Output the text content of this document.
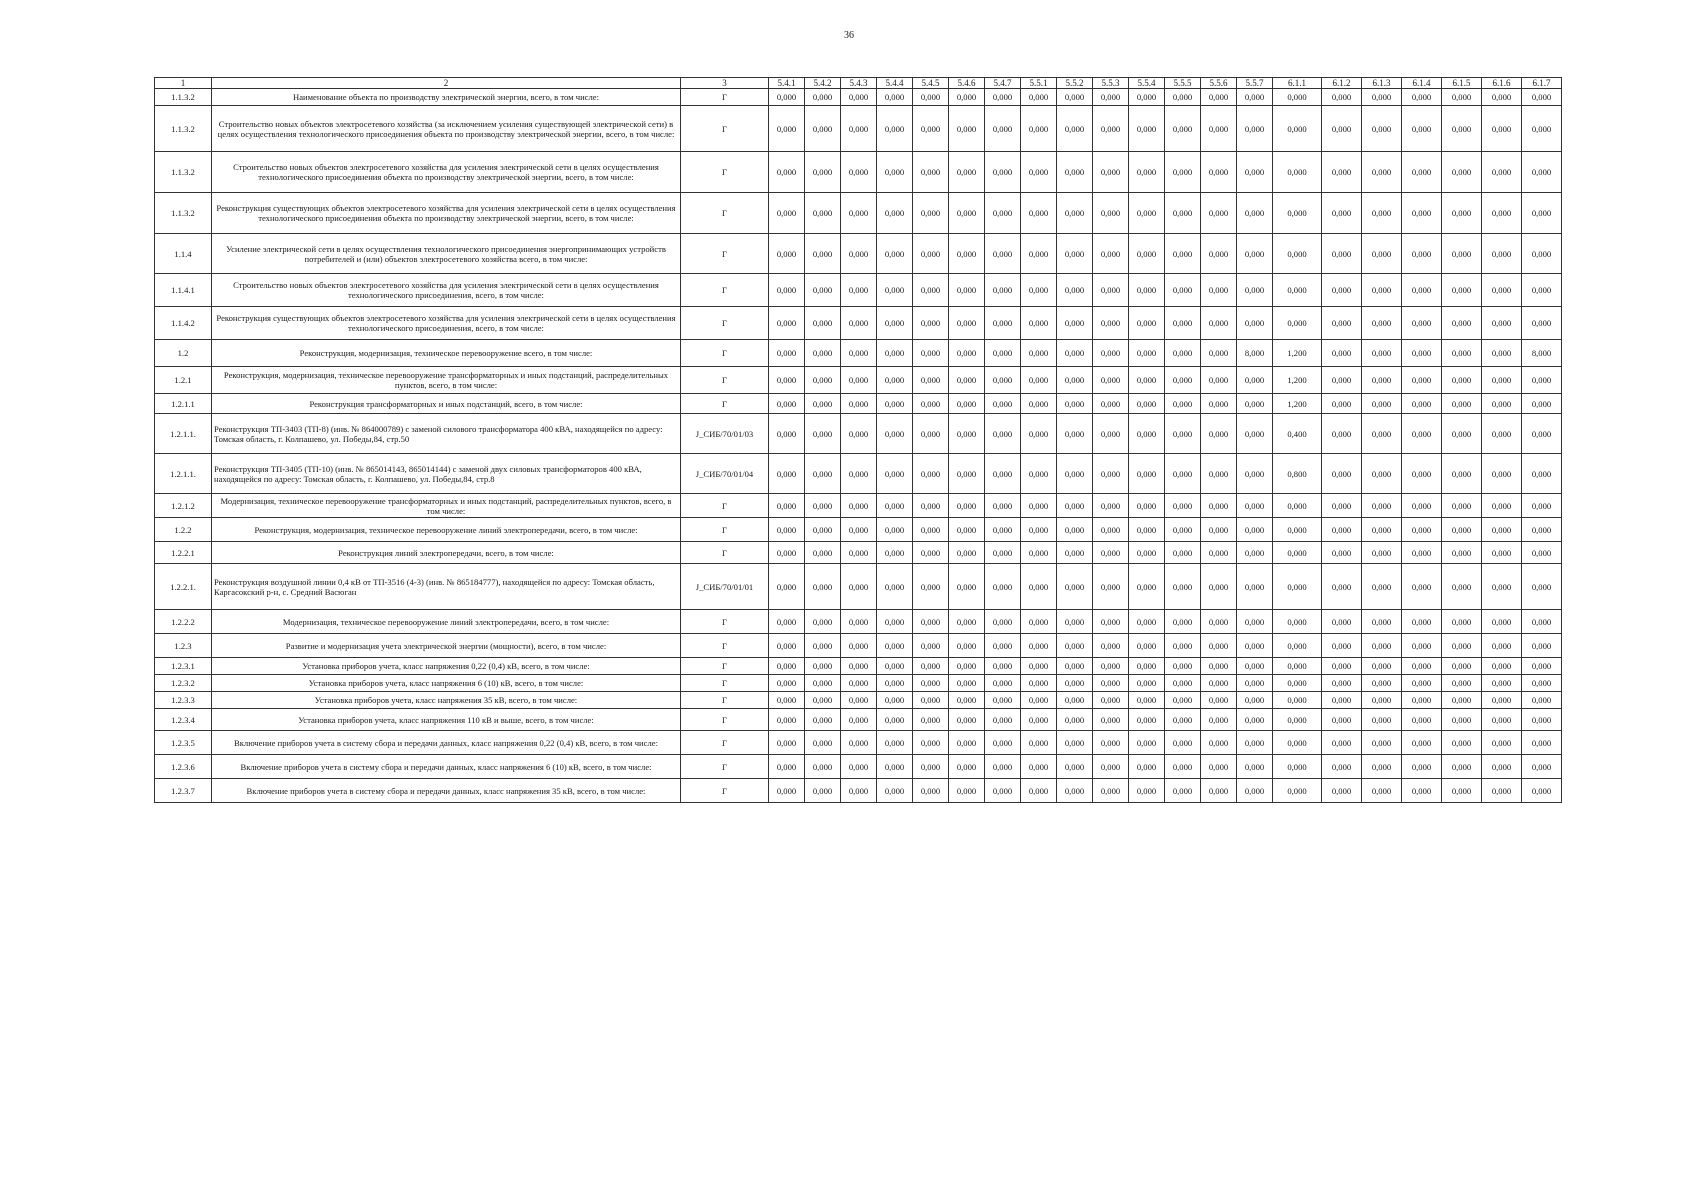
36
1	2	3	5.4.1	5.4.2	5.4.3	5.4.4	5.4.5	5.4.6	5.4.7	5.5.1	5.5.2	5.5.3	5.5.4	5.5.5	5.5.6	5.5.7	6.1.1	6.1.2	6.1.3	6.1.4	6.1.5	6.1.6	6.1.7
1.1.3.2	Наименование объекта по производству электрической энергии, всего, в том числе:	Г	0,000	0,000	0,000	0,000	0,000	0,000	0,000	0,000	0,000	0,000	0,000	0,000	0,000	0,000	0,000	0,000	0,000	0,000	0,000	0,000	0,000
1.1.3.2	Строительство новых объектов электросетевого хозяйства (за исключением усиления существующей электрической сети) в целях осуществления технологического присоединения объекта по производству электрической энергии, всего, в том числе:	Г	0,000	0,000	0,000	0,000	0,000	0,000	0,000	0,000	0,000	0,000	0,000	0,000	0,000	0,000	0,000	0,000	0,000	0,000	0,000	0,000	0,000
1.1.3.2	Строительство новых объектов электросетевого хозяйства для усиления электрической сети в целях осуществления технологического присоединения объекта по производству электрической энергии, всего, в том числе:	Г	0,000	0,000	0,000	0,000	0,000	0,000	0,000	0,000	0,000	0,000	0,000	0,000	0,000	0,000	0,000	0,000	0,000	0,000	0,000	0,000	0,000
1.1.3.2	Реконструкция существующих объектов электросетевого хозяйства для усиления электрической сети в целях осуществления технологического присоединения объекта по производству электрической энергии, всего, в том числе:	Г	0,000	0,000	0,000	0,000	0,000	0,000	0,000	0,000	0,000	0,000	0,000	0,000	0,000	0,000	0,000	0,000	0,000	0,000	0,000	0,000	0,000
1.1.4	Усиление электрической сети в целях осуществления технологического присоединения энергопринимающих устройств потребителей и (или) объектов электросетевого хозяйства всего, в том числе:	Г	0,000	0,000	0,000	0,000	0,000	0,000	0,000	0,000	0,000	0,000	0,000	0,000	0,000	0,000	0,000	0,000	0,000	0,000	0,000	0,000	0,000
1.1.4.1	Строительство новых объектов электросетевого хозяйства для усиления электрической сети в целях осуществления технологического присоединения, всего, в том числе:	Г	0,000	0,000	0,000	0,000	0,000	0,000	0,000	0,000	0,000	0,000	0,000	0,000	0,000	0,000	0,000	0,000	0,000	0,000	0,000	0,000	0,000
1.1.4.2	Реконструкция существующих объектов электросетевого хозяйства для усиления электрической сети в целях осуществления технологического присоединения, всего, в том числе:	Г	0,000	0,000	0,000	0,000	0,000	0,000	0,000	0,000	0,000	0,000	0,000	0,000	0,000	0,000	0,000	0,000	0,000	0,000	0,000	0,000	0,000
1.2	Реконструкция, модернизация, техническое перевооружение всего, в том числе:	Г	0,000	0,000	0,000	0,000	0,000	0,000	0,000	0,000	0,000	0,000	0,000	0,000	0,000	8,000	1,200	0,000	0,000	0,000	0,000	0,000	8,000
1.2.1	Реконструкция, модернизация, техническое перевооружение трансформаторных и иных подстанций, распределительных пунктов, всего, в том числе:	Г	0,000	0,000	0,000	0,000	0,000	0,000	0,000	0,000	0,000	0,000	0,000	0,000	0,000	0,000	1,200	0,000	0,000	0,000	0,000	0,000	0,000
1.2.1.1	Реконструкция трансформаторных и иных подстанций, всего, в том числе:	Г	0,000	0,000	0,000	0,000	0,000	0,000	0,000	0,000	0,000	0,000	0,000	0,000	0,000	0,000	1,200	0,000	0,000	0,000	0,000	0,000	0,000
1.2.1.1.	Реконструкция ТП-3403 (ТП-8) (инв. № 864000789) с заменой силового трансформатора 400 кВА, находящейся по адресу: Томская область, г. Колпашево, ул. Победы,84, стр.50	J_СИБ/70/01/03	0,000	0,000	0,000	0,000	0,000	0,000	0,000	0,000	0,000	0,000	0,000	0,000	0,000	0,000	0,400	0,000	0,000	0,000	0,000	0,000	0,000
1.2.1.1.	Реконструкция ТП-3405 (ТП-10) (инв. № 865014143, 865014144) с заменой двух силовых трансформаторов 400 кВА, находящейся по адресу: Томская область, г. Колпашево, ул. Победы,84, стр.8	J_СИБ/70/01/04	0,000	0,000	0,000	0,000	0,000	0,000	0,000	0,000	0,000	0,000	0,000	0,000	0,000	0,000	0,800	0,000	0,000	0,000	0,000	0,000	0,000
1.2.1.2	Модернизация, техническое перевооружение трансформаторных и иных подстанций, распределительных пунктов, всего, в том числе:	Г	0,000	0,000	0,000	0,000	0,000	0,000	0,000	0,000	0,000	0,000	0,000	0,000	0,000	0,000	0,000	0,000	0,000	0,000	0,000	0,000	0,000
1.2.2	Реконструкция, модернизация, техническое перевооружение линий электропередачи, всего, в том числе:	Г	0,000	0,000	0,000	0,000	0,000	0,000	0,000	0,000	0,000	0,000	0,000	0,000	0,000	0,000	0,000	0,000	0,000	0,000	0,000	0,000	0,000
1.2.2.1	Реконструкция линий электропередачи, всего, в том числе:	Г	0,000	0,000	0,000	0,000	0,000	0,000	0,000	0,000	0,000	0,000	0,000	0,000	0,000	0,000	0,000	0,000	0,000	0,000	0,000	0,000	0,000
1.2.2.1.	Реконструкция воздушной линии 0,4 кВ от ТП-3516 (4-3) (инв. № 865184777), находящейся по адресу: Томская область, Каргасокский р-н, с. Средний Васюган	J_СИБ/70/01/01	0,000	0,000	0,000	0,000	0,000	0,000	0,000	0,000	0,000	0,000	0,000	0,000	0,000	0,000	0,000	0,000	0,000	0,000	0,000	0,000	0,000
1.2.2.2	Модернизация, техническое перевооружение линий электропередачи, всего, в том числе:	Г	0,000	0,000	0,000	0,000	0,000	0,000	0,000	0,000	0,000	0,000	0,000	0,000	0,000	0,000	0,000	0,000	0,000	0,000	0,000	0,000	0,000
1.2.3	Развитие и модернизация учета электрической энергии (мощности), всего, в том числе:	Г	0,000	0,000	0,000	0,000	0,000	0,000	0,000	0,000	0,000	0,000	0,000	0,000	0,000	0,000	0,000	0,000	0,000	0,000	0,000	0,000	0,000
1.2.3.1	Установка приборов учета, класс напряжения 0,22 (0,4) кВ, всего, в том числе:	Г	0,000	0,000	0,000	0,000	0,000	0,000	0,000	0,000	0,000	0,000	0,000	0,000	0,000	0,000	0,000	0,000	0,000	0,000	0,000	0,000	0,000
1.2.3.2	Установка приборов учета, класс напряжения 6 (10) кВ, всего, в том числе:	Г	0,000	0,000	0,000	0,000	0,000	0,000	0,000	0,000	0,000	0,000	0,000	0,000	0,000	0,000	0,000	0,000	0,000	0,000	0,000	0,000	0,000
1.2.3.3	Установка приборов учета, класс напряжения 35 кВ, всего, в том числе:	Г	0,000	0,000	0,000	0,000	0,000	0,000	0,000	0,000	0,000	0,000	0,000	0,000	0,000	0,000	0,000	0,000	0,000	0,000	0,000	0,000	0,000
1.2.3.4	Установка приборов учета, класс напряжения 110 кВ и выше, всего, в том числе:	Г	0,000	0,000	0,000	0,000	0,000	0,000	0,000	0,000	0,000	0,000	0,000	0,000	0,000	0,000	0,000	0,000	0,000	0,000	0,000	0,000	0,000
1.2.3.5	Включение приборов учета в систему сбора и передачи данных, класс напряжения 0,22 (0,4) кВ, всего, в том числе:	Г	0,000	0,000	0,000	0,000	0,000	0,000	0,000	0,000	0,000	0,000	0,000	0,000	0,000	0,000	0,000	0,000	0,000	0,000	0,000	0,000	0,000
1.2.3.6	Включение приборов учета в систему сбора и передачи данных, класс напряжения 6 (10) кВ, всего, в том числе:	Г	0,000	0,000	0,000	0,000	0,000	0,000	0,000	0,000	0,000	0,000	0,000	0,000	0,000	0,000	0,000	0,000	0,000	0,000	0,000	0,000	0,000
1.2.3.7	Включение приборов учета в систему сбора и передачи данных, класс напряжения 35 кВ, всего, в том числе:	Г	0,000	0,000	0,000	0,000	0,000	0,000	0,000	0,000	0,000	0,000	0,000	0,000	0,000	0,000	0,000	0,000	0,000	0,000	0,000	0,000	0,000
